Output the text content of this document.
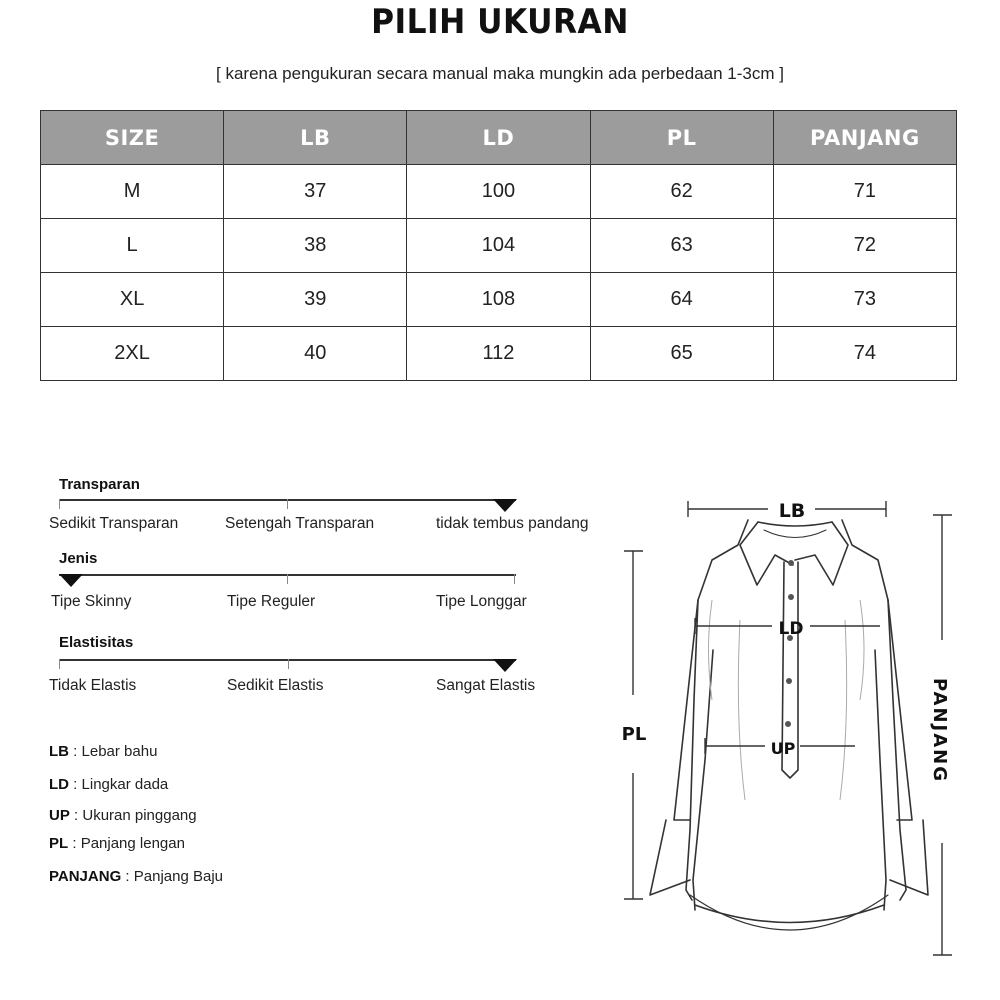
PILIH UKURAN
[ karena pengukuran secara manual maka mungkin ada perbedaan 1-3cm ]
SIZE	LB	LD	PL	PANJANG
M	37	100	62	71
L	38	104	63	72
XL	39	108	64	73
2XL	40	112	65	74
Transparan
Sedikit Transparan	Setengah Transparan	tidak tembus pandang
Jenis
Tipe Skinny	Tipe Reguler	Tipe Longgar
Elastisitas
Tidak Elastis	Sedikit Elastis	Sangat Elastis
LB : Lebar bahu
LD : Lingkar dada
UP : Ukuran pinggang
PL : Panjang lengan
PANJANG : Panjang Baju
LB
LD
UP
PL	PANJANG
